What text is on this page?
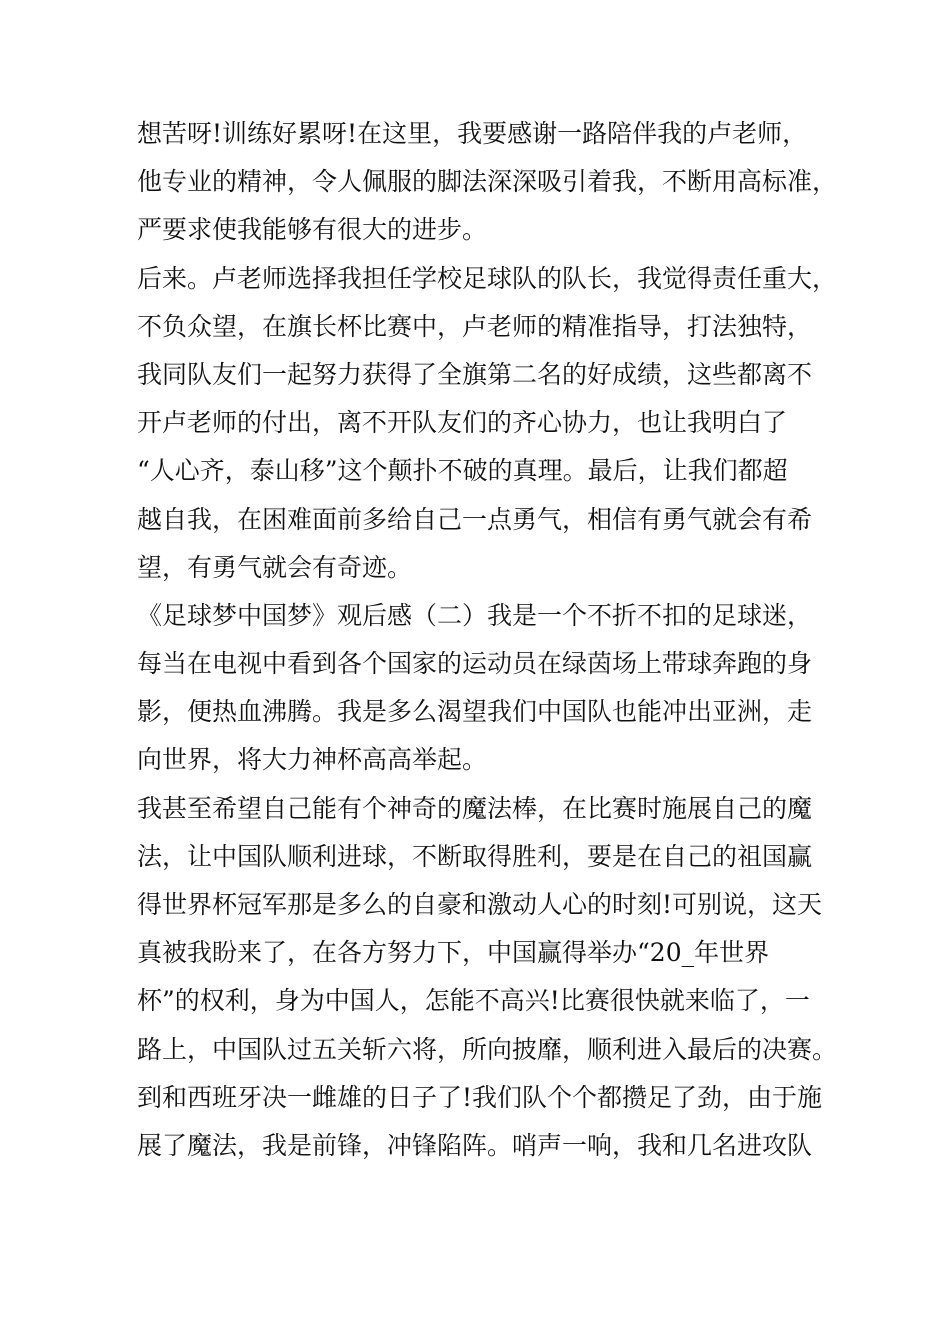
想苦呀!训练好累呀!在这里，我要感谢一路陪伴我的卢老师，
他专业的精神，令人佩服的脚法深深吸引着我，不断用高标准，
严要求使我能够有很大的进步。
后来。卢老师选择我担任学校足球队的队长，我觉得责任重大，
不负众望，在旗长杯比赛中，卢老师的精准指导，打法独特，
我同队友们一起努力获得了全旗第二名的好成绩，这些都离不
开卢老师的付出，离不开队友们的齐心协力，也让我明白了
“人心齐，泰山移”这个颠扑不破的真理。最后，让我们都超
越自我，在困难面前多给自己一点勇气，相信有勇气就会有希
望，有勇气就会有奇迹。
《足球梦中国梦》观后感（二）我是一个不折不扣的足球迷，
每当在电视中看到各个国家的运动员在绿茵场上带球奔跑的身
影，便热血沸腾。我是多么渴望我们中国队也能冲出亚洲，走
向世界，将大力神杯高高举起。
我甚至希望自己能有个神奇的魔法棒，在比赛时施展自己的魔
法，让中国队顺利进球，不断取得胜利，要是在自己的祖国赢
得世界杯冠军那是多么的自豪和激动人心的时刻!可别说，这天
真被我盼来了，在各方努力下，中国赢得举办“20_年世界
杯”的权利，身为中国人，怎能不高兴!比赛很快就来临了，一
路上，中国队过五关斩六将，所向披靡，顺利进入最后的决赛。
到和西班牙决一雌雄的日子了!我们队个个都攒足了劲，由于施
展了魔法，我是前锋，冲锋陷阵。哨声一响，我和几名进攻队
